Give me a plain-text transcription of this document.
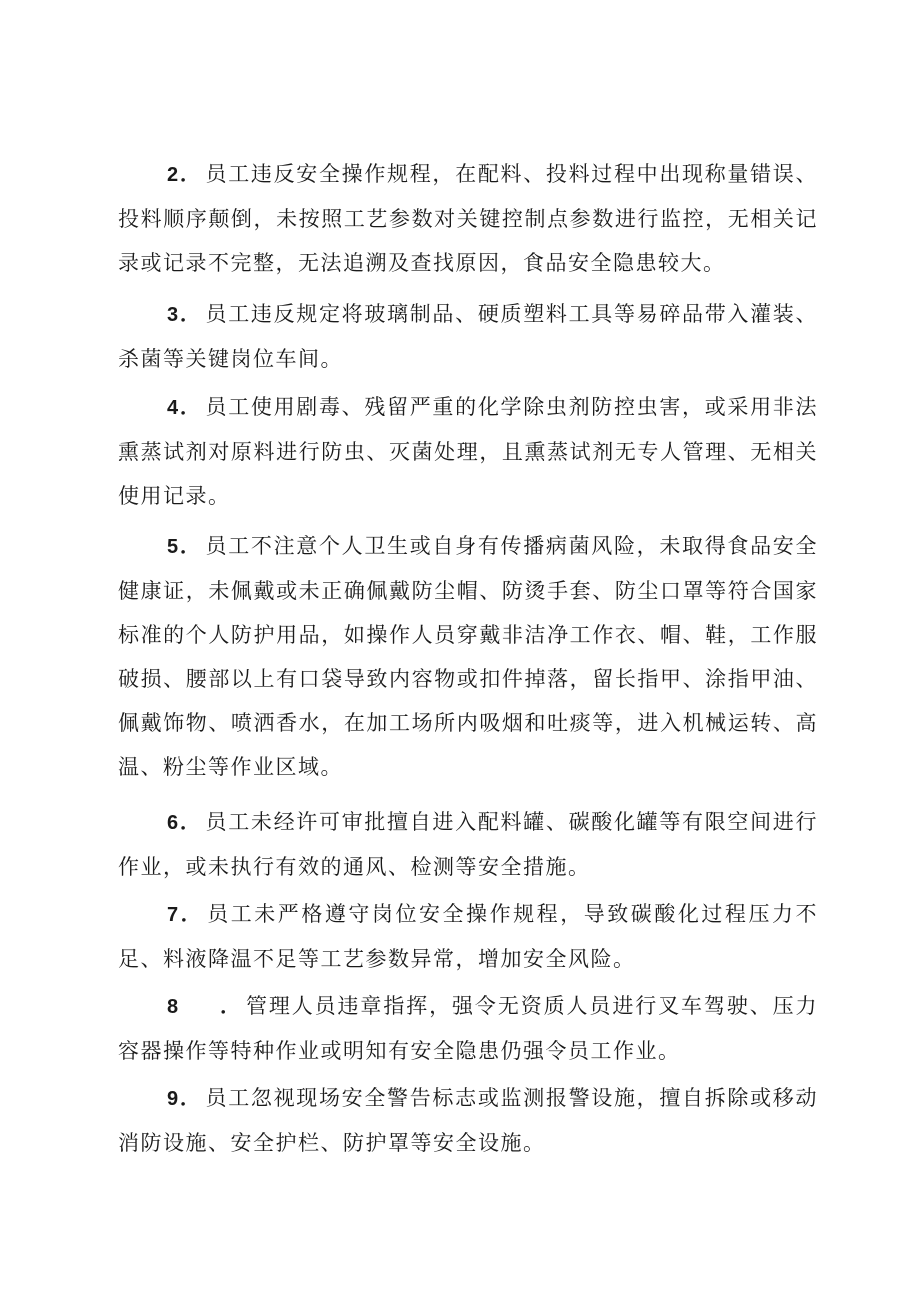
2． 员工违反安全操作规程，在配料、投料过程中出现称量错误、投料顺序颠倒，未按照工艺参数对关键控制点参数进行监控，无相关记录或记录不完整，无法追溯及查找原因，食品安全隐患较大。

3． 员工违反规定将玻璃制品、硬质塑料工具等易碎品带入灌装、杀菌等关键岗位车间。

4． 员工使用剧毒、残留严重的化学除虫剂防控虫害，或采用非法熏蒸试剂对原料进行防虫、灭菌处理，且熏蒸试剂无专人管理、无相关使用记录。

5． 员工不注意个人卫生或自身有传播病菌风险，未取得食品安全健康证，未佩戴或未正确佩戴防尘帽、防烫手套、防尘口罩等符合国家标准的个人防护用品，如操作人员穿戴非洁净工作衣、帽、鞋，工作服破损、腰部以上有口袋导致内容物或扣件掉落，留长指甲、涂指甲油、佩戴饰物、喷洒香水，在加工场所内吸烟和吐痰等，进入机械运转、高温、粉尘等作业区域。

6． 员工未经许可审批擅自进入配料罐、碳酸化罐等有限空间进行作业，或未执行有效的通风、检测等安全措施。

7． 员工未严格遵守岗位安全操作规程，导致碳酸化过程压力不足、料液降温不足等工艺参数异常，增加安全风险。

8 ． 管理人员违章指挥，强令无资质人员进行叉车驾驶、压力容器操作等特种作业或明知有安全隐患仍强令员工作业。

9． 员工忽视现场安全警告标志或监测报警设施，擅自拆除或移动消防设施、安全护栏、防护罩等安全设施。
